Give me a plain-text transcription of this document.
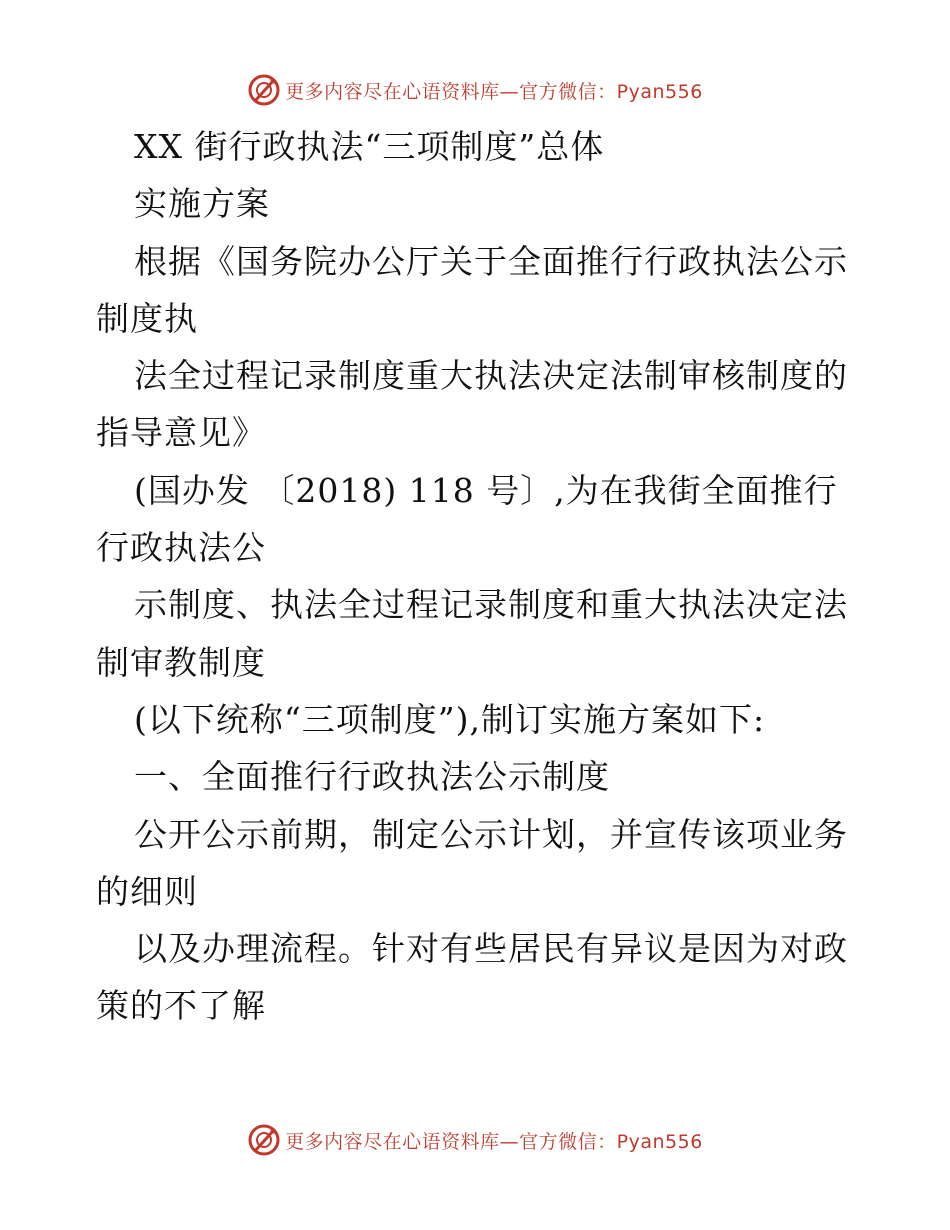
更多内容尽在心语资料库—官方微信：Pyan556
XX 街行政执法“三项制度”总体
实施方案
根据《国务院办公厅关于全面推行行政执法公示
制度执
法全过程记录制度重大执法决定法制审核制度的
指导意见》
(国办发 〔2018) 118 号〕,为在我街全面推行
行政执法公
示制度、执法全过程记录制度和重大执法决定法
制审教制度
(以下统称“三项制度”),制订实施方案如下:
一、全面推行行政执法公示制度
公开公示前期，制定公示计划，并宣传该项业务
的细则
以及办理流程。针对有些居民有异议是因为对政
策的不了解
更多内容尽在心语资料库—官方微信：Pyan556
